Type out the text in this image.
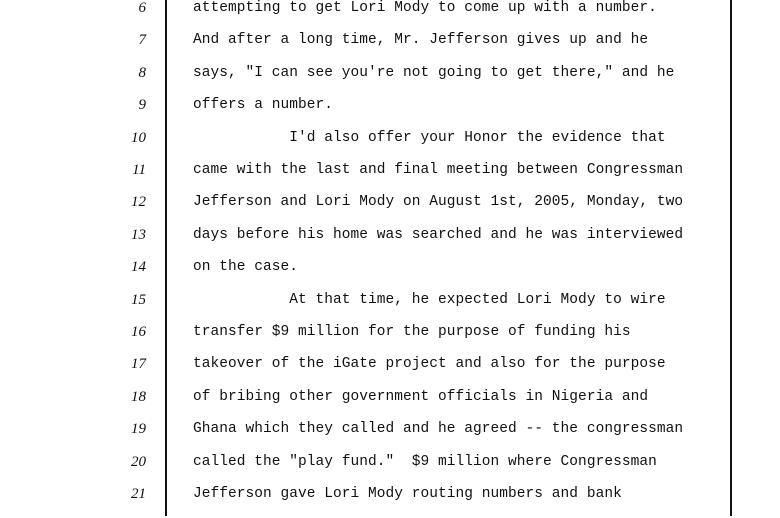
6	attempting to get Lori Mody to come up with a number.
7	And after a long time, Mr. Jefferson gives up and he
8	says, "I can see you're not going to get there," and he
9	offers a number.
10	I'd also offer your Honor the evidence that
11	came with the last and final meeting between Congressman
12	Jefferson and Lori Mody on August 1st, 2005, Monday, two
13	days before his home was searched and he was interviewed
14	on the case.
15	At that time, he expected Lori Mody to wire
16	transfer $9 million for the purpose of funding his
17	takeover of the iGate project and also for the purpose
18	of bribing other government officials in Nigeria and
19	Ghana which they called and he agreed -- the congressman
20	called the "play fund."  $9 million where Congressman
21	Jefferson gave Lori Mody routing numbers and bank
